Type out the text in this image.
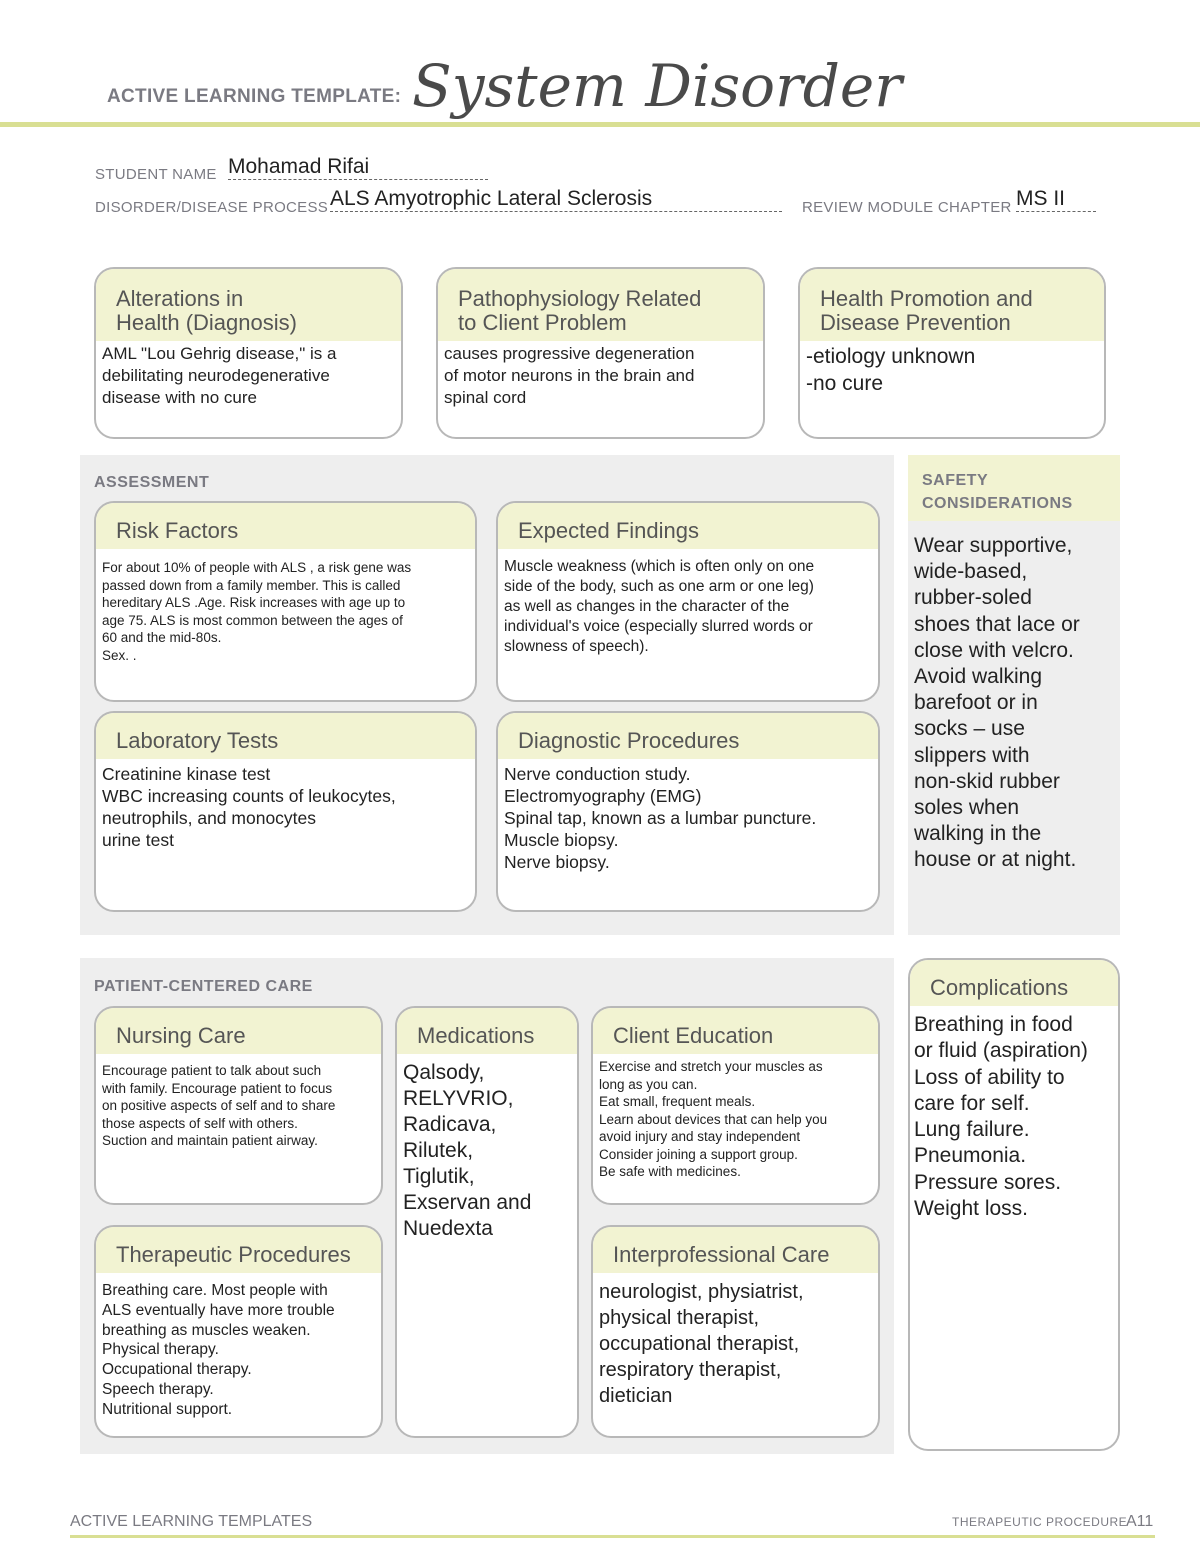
ACTIVE LEARNING TEMPLATE: System Disorder
STUDENT NAME Mohamad Rifai
DISORDER/DISEASE PROCESS ALS Amyotrophic Lateral Sclerosis	REVIEW MODULE CHAPTER MS II
Alterations in
Health (Diagnosis)
AML "Lou Gehrig disease," is a
debilitating neurodegenerative
disease with no cure
Pathophysiology Related
to Client Problem
causes progressive degeneration
of motor neurons in the brain and
spinal cord
Health Promotion and
Disease Prevention
-etiology unknown
-no cure
ASSESSMENT
Risk Factors
For about 10% of people with ALS , a risk gene was
passed down from a family member. This is called
hereditary ALS .Age. Risk increases with age up to
age 75. ALS is most common between the ages of
60 and the mid-80s.
Sex. .
Expected Findings
Muscle weakness (which is often only on one
side of the body, such as one arm or one leg)
as well as changes in the character of the
individual's voice (especially slurred words or
slowness of speech).
Laboratory Tests
Creatinine kinase test
WBC increasing counts of leukocytes,
neutrophils, and monocytes
urine test
Diagnostic Procedures
Nerve conduction study.
Electromyography (EMG)
Spinal tap, known as a lumbar puncture.
Muscle biopsy.
Nerve biopsy.
SAFETY
CONSIDERATIONS
Wear supportive,
wide-based,
rubber-soled
shoes that lace or
close with velcro.
Avoid walking
barefoot or in
socks – use
slippers with
non-skid rubber
soles when
walking in the
house or at night.
PATIENT-CENTERED CARE
Nursing Care
Encourage patient to talk about such
with family. Encourage patient to focus
on positive aspects of self and to share
those aspects of self with others.
Suction and maintain patient airway.
Medications
Qalsody,
RELYVRIO,
Radicava,
Rilutek,
Tiglutik,
Exservan and
Nuedexta
Client Education
Exercise and stretch your muscles as
long as you can.
Eat small, frequent meals.
Learn about devices that can help you
avoid injury and stay independent
Consider joining a support group.
Be safe with medicines.
Therapeutic Procedures
Breathing care. Most people with
ALS eventually have more trouble
breathing as muscles weaken.
Physical therapy.
Occupational therapy.
Speech therapy.
Nutritional support.
Interprofessional Care
neurologist, physiatrist,
physical therapist,
occupational therapist,
respiratory therapist,
dietician
Complications
Breathing in food
or fluid (aspiration)
Loss of ability to
care for self.
Lung failure.
Pneumonia.
Pressure sores.
Weight loss.
ACTIVE LEARNING TEMPLATES	THERAPEUTIC PROCEDURE
A11
